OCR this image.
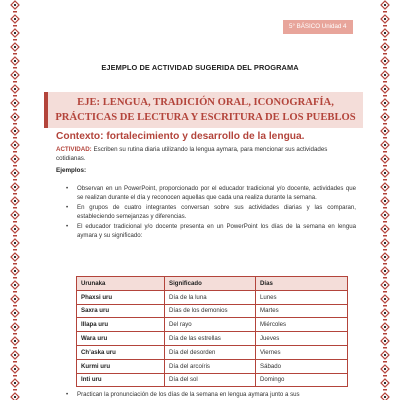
5° BÁSICO Unidad 4
EJEMPLO DE ACTIVIDAD SUGERIDA DEL PROGRAMA
EJE: LENGUA, TRADICIÓN ORAL, ICONOGRAFÍA,
PRÁCTICAS DE LECTURA Y ESCRITURA DE LOS PUEBLOS
Contexto: fortalecimiento y desarrollo de la lengua.
ACTIVIDAD: Escriben su rutina diaria utilizando la lengua aymara, para mencionar sus actividades cotidianas.
Ejemplos:
• Observan en un PowerPoint, proporcionado por el educador tradicional y/o docente, actividades que se realizan durante el día y reconocen aquellas que cada una realiza durante la semana.
• En grupos de cuatro integrantes conversan sobre sus actividades diarias y las comparan, estableciendo semejanzas y diferencias.
• El educador tradicional y/o docente presenta en un PowerPoint los días de la semana en lengua aymara y su significado:
Urunaka	Significado	Días
Phaxsi uru	Día de la luna	Lunes
Saxra uru	Días de los demonios	Martes
Illapa uru	Del rayo	Miércoles
Wara uru	Día de las estrellas	Jueves
Ch’aska uru	Día del desorden	Viernes
Kurmi uru	Día del arcoíris	Sábado
Inti uru	Día del sol	Domingo
• Practican la pronunciación de los días de la semana en lengua aymara junto a sus
